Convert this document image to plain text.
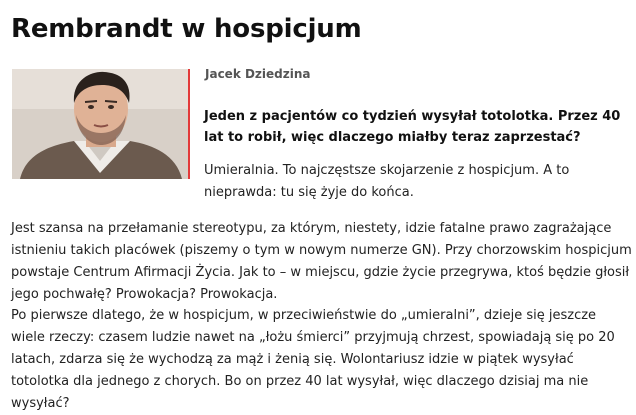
Rembrandt w hospicjum
Jacek Dziedzina

Jeden z pacjentów co tydzień wysyłał totolotka. Przez 40 lat to robił, więc dlaczego miałby teraz zaprzestać?

Umieralnia. To najczęstsze skojarzenie z hospicjum. A to nieprawda: tu się żyje do końca.

Jest szansa na przełamanie stereotypu, za którym, niestety, idzie fatalne prawo zagrażające istnieniu takich placówek (piszemy o tym w nowym numerze GN). Przy chorzowskim hospicjum powstaje Centrum Afirmacji Życia. Jak to – w miejscu, gdzie życie przegrywa, ktoś będzie głosił jego pochwałę? Prowokacja? Prowokacja.

Po pierwsze dlatego, że w hospicjum, w przeciwieństwie do „umieralni”, dzieje się jeszcze wiele rzeczy: czasem ludzie nawet na „łożu śmierci” przyjmują chrzest, spowiadają się po 20 latach, zdarza się że wychodzą za mąż i żenią się. Wolontariusz idzie w piątek wysyłać totolotka dla jednego z chorych. Bo on przez 40 lat wysyłał, więc dlaczego dzisiaj ma nie wysyłać?
